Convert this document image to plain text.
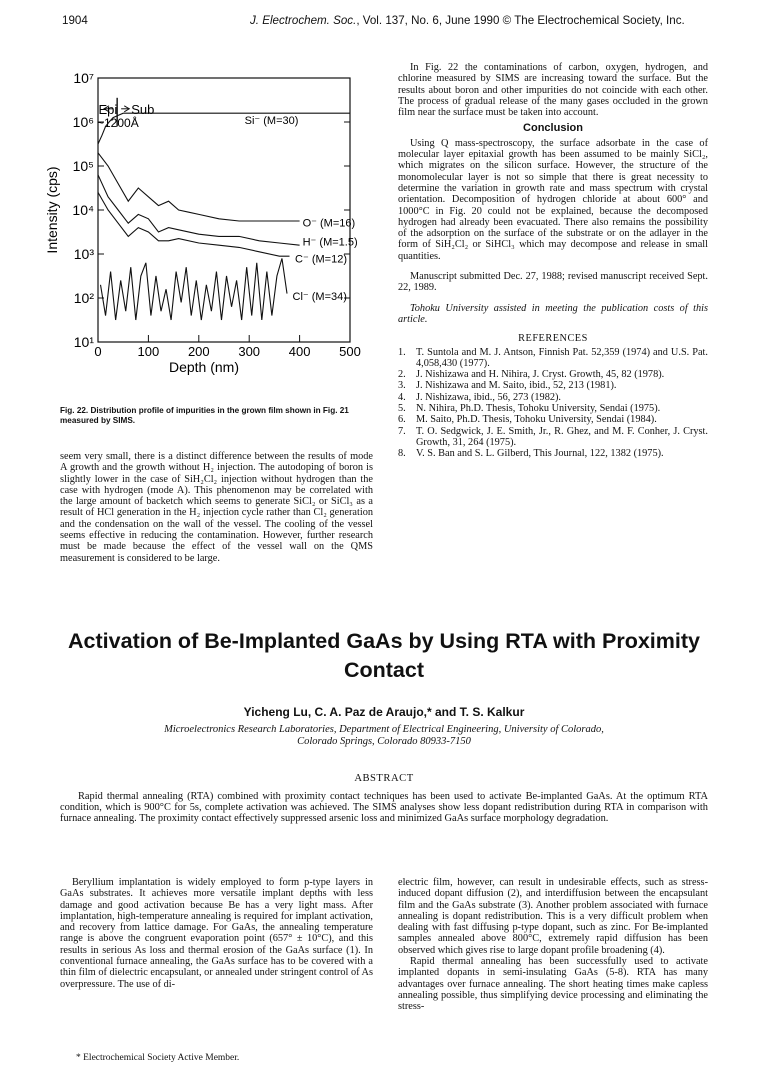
1904	J. Electrochem. Soc., Vol. 137, No. 6, June 1990 © The Electrochemical Society, Inc.
10¹
10²
10³
10⁴
10⁵
10⁶
10⁷
0	100 200 300 400 500
Depth (nm)
Intensity (cps)
Epi Sub
~1200Å	Si⁻ (M=30)
O⁻ (M=16)
H⁻ (M=1.5)
C⁻ (M=12)
Cl⁻ (M=34)
Fig. 22. Distribution profile of impurities in the grown film shown in Fig. 21 measured by SIMS.

seem very small, there is a distinct difference between the results of mode A growth and the growth without H₂ injection. The autodoping of boron is slightly lower in the case of SiH₂Cl₂ injection without hydrogen than the case with hydrogen (mode A). This phenomenon may be correlated with the large amount of backetch which seems to generate SiCl₂ or SiCl₃ as a result of HCl generation in the H₂ injection cycle rather than Cl₂ generation and the condensation on the wall of the vessel. The cooling of the vessel seems effective in reducing the contamination. However, further research must be made because the effect of the vessel wall on the QMS measurement is considered to be large.

In Fig. 22 the contaminations of carbon, oxygen, hydrogen, and chlorine measured by SIMS are increasing toward the surface. But the results about boron and other impurities do not coincide with each other. The process of gradual release of the many gases occluded in the grown film near the surface must be taken into account.

Conclusion

Using Q mass-spectroscopy, the surface adsorbate in the case of molecular layer epitaxial growth has been assumed to be mainly SiCl₂, which migrates on the silicon surface. However, the structure of the monomolecular layer is not so simple that there is great necessity to determine the variation in growth rate and mass spectrum with crystal orientation. Decomposition of hydrogen chloride at about 600° and 1000°C in Fig. 20 could not be explained, because the decomposed hydrogen had already been evacuated. There also remains the possibility of the adsorption on the surface of the substrate or on the adlayer in the form of SiH₂Cl₂ or SiHCl₃ which may decompose and release in small quantities.

Manuscript submitted Dec. 27, 1988; revised manuscript received Sept. 22, 1989.

Tohoku University assisted in meeting the publication costs of this article.

REFERENCES
1. T. Suntola and M. J. Antson, Finnish Pat. 52,359 (1974) and U.S. Pat. 4,058,430 (1977).
2. J. Nishizawa and H. Nihira, J. Cryst. Growth, 45, 82 (1978).
3. J. Nishizawa and M. Saito, ibid., 52, 213 (1981).
4. J. Nishizawa, ibid., 56, 273 (1982).
5. N. Nihira, Ph.D. Thesis, Tohoku University, Sendai (1975).
6. M. Saito, Ph.D. Thesis, Tohoku University, Sendai (1984).
7. T. O. Sedgwick, J. E. Smith, Jr., R. Ghez, and M. F. Conher, J. Cryst. Growth, 31, 264 (1975).
8. V. S. Ban and S. L. Gilberd, This Journal, 122, 1382 (1975).
Activation of Be-Implanted GaAs by Using RTA with Proximity Contact
Yicheng Lu, C. A. Paz de Araujo,* and T. S. Kalkur
Microelectronics Research Laboratories, Department of Electrical Engineering, University of Colorado,
Colorado Springs, Colorado 80933-7150
ABSTRACT
Rapid thermal annealing (RTA) combined with proximity contact techniques has been used to activate Be-implanted GaAs. At the optimum RTA condition, which is 900°C for 5s, complete activation was achieved. The SIMS analyses show less dopant redistribution during RTA in comparison with furnace annealing. The proximity contact effectively suppressed arsenic loss and minimized GaAs surface morphology degradation.

Beryllium implantation is widely employed to form p-type layers in GaAs substrates. It achieves more versatile implant depths with less damage and good activation because Be has a very light mass. After implantation, high-temperature annealing is required for implant activation, and recovery from lattice damage. For GaAs, the annealing temperature range is above the congruent evaporation point (657° ± 10°C), and this results in serious As loss and thermal erosion of the GaAs surface (1). In conventional furnace annealing, the GaAs surface has to be covered with a thin film of dielectric encapsulant, or annealed under stringent control of As overpressure. The use of di-

* Electrochemical Society Active Member.

electric film, however, can result in undesirable effects, such as stress-induced dopant diffusion (2), and interdiffusion between the encapsulant film and the GaAs substrate (3). Another problem associated with furnace annealing is dopant redistribution. This is a very difficult problem when dealing with fast diffusing p-type dopant, such as zinc. For Be-implanted samples annealed above 800°C, extremely rapid diffusion has been observed which gives rise to large dopant profile broadening (4).

Rapid thermal annealing has been successfully used to activate implanted dopants in semi-insulating GaAs (5-8). RTA has many advantages over furnace annealing. The short heating times make capless annealing possible, thus simplifying device processing and eliminating the stress-
